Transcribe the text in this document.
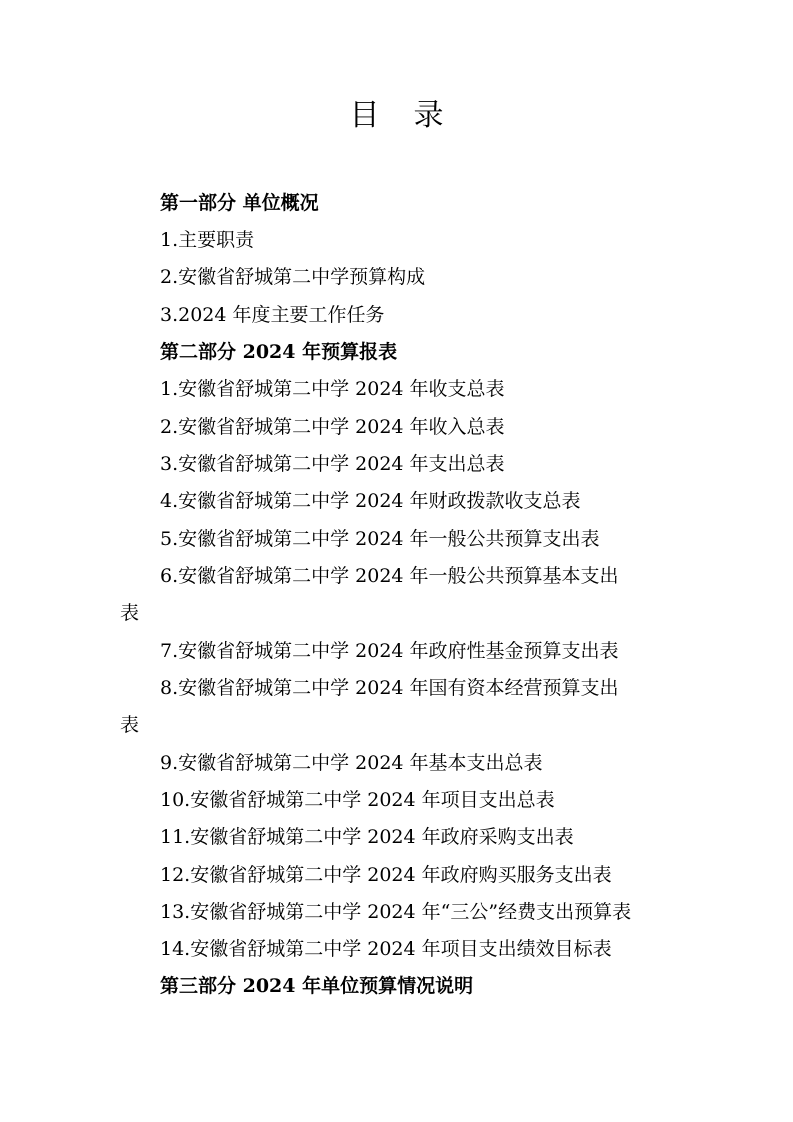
目 录
第一部分 单位概况
1.主要职责
2.安徽省舒城第二中学预算构成
3.2024 年度主要工作任务
第二部分 2024 年预算报表
1.安徽省舒城第二中学 2024 年收支总表
2.安徽省舒城第二中学 2024 年收入总表
3.安徽省舒城第二中学 2024 年支出总表
4.安徽省舒城第二中学 2024 年财政拨款收支总表
5.安徽省舒城第二中学 2024 年一般公共预算支出表
6.安徽省舒城第二中学 2024 年一般公共预算基本支出
表
7.安徽省舒城第二中学 2024 年政府性基金预算支出表
8.安徽省舒城第二中学 2024 年国有资本经营预算支出
表
9.安徽省舒城第二中学 2024 年基本支出总表
10.安徽省舒城第二中学 2024 年项目支出总表
11.安徽省舒城第二中学 2024 年政府采购支出表
12.安徽省舒城第二中学 2024 年政府购买服务支出表
13.安徽省舒城第二中学 2024 年“三公”经费支出预算表
14.安徽省舒城第二中学 2024 年项目支出绩效目标表
第三部分 2024 年单位预算情况说明
